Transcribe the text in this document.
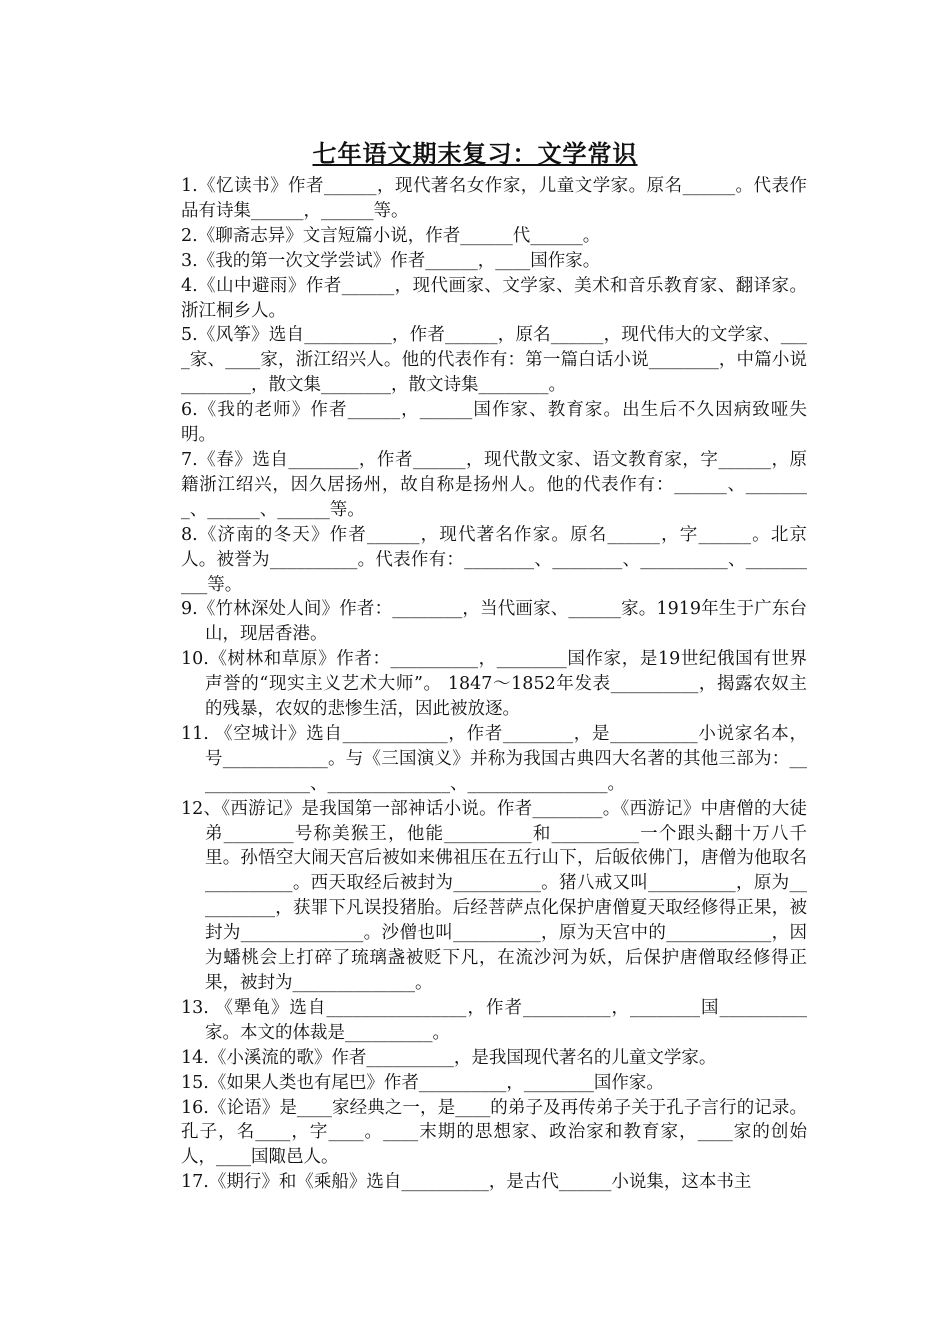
七年语文期末复习：文学常识

1.《忆读书》作者______，现代著名女作家，儿童文学家。原名______。代表作品有诗集______，______等。

2.《聊斋志异》文言短篇小说，作者______代______。

3.《我的第一次文学尝试》作者______，____国作家。

4.《山中避雨》作者______，现代画家、文学家、美术和音乐教育家、翻译家。浙江桐乡人。

5.《风筝》选自__________，作者______，原名______，现代伟大的文学家、____家、____家，浙江绍兴人。他的代表作有：第一篇白话小说________，中篇小说________，散文集________，散文诗集________。

6.《我的老师》作者______，______国作家、教育家。出生后不久因病致哑失明。

7.《春》选自________，作者______，现代散文家、语文教育家，字______，原籍浙江绍兴，因久居扬州，故自称是扬州人。他的代表作有：______、________、______、______等。

8.《济南的冬天》作者______，现代著名作家。原名______，字______。北京人。被誉为__________。代表作有：________、________、__________、__________等。

9.《竹林深处人间》作者：________，当代画家、______家。1919年生于广东台山，现居香港。

10.《树林和草原》作者：__________，________国作家，是19世纪俄国有世界声誉的“现实主义艺术大师”。 1847～1852年发表__________，揭露农奴主的残暴，农奴的悲惨生活，因此被放逐。

11. 《空城计》选自____________，作者________，是__________小说家名本，号____________。与《三国演义》并称为我国古典四大名著的其他三部为：______________、______________、________________。

12、《西游记》是我国第一部神话小说。作者________。《西游记》中唐僧的大徒弟________号称美猴王，他能__________和__________一个跟头翻十万八千里。孙悟空大闹天宫后被如来佛祖压在五行山下，后皈依佛门，唐僧为他取名__________。西天取经后被封为__________。猪八戒又叫__________，原为__________，获罪下凡误投猪胎。后经菩萨点化保护唐僧夏天取经修得正果，被封为______________。沙僧也叫__________，原为天宫中的____________，因为蟠桃会上打碎了琉璃盏被贬下凡，在流沙河为妖，后保护唐僧取经修得正果，被封为______________。

13. 《犟龟》选自________________，作者__________，________国__________家。本文的体裁是__________。

14.《小溪流的歌》作者__________，是我国现代著名的儿童文学家。

15.《如果人类也有尾巴》作者__________，________国作家。

16.《论语》是____家经典之一，是____的弟子及再传弟子关于孔子言行的记录。孔子，名____，字____。____末期的思想家、政治家和教育家，____家的创始人，____国陬邑人。

17.《期行》和《乘船》选自__________，是古代______小说集，这本书主
